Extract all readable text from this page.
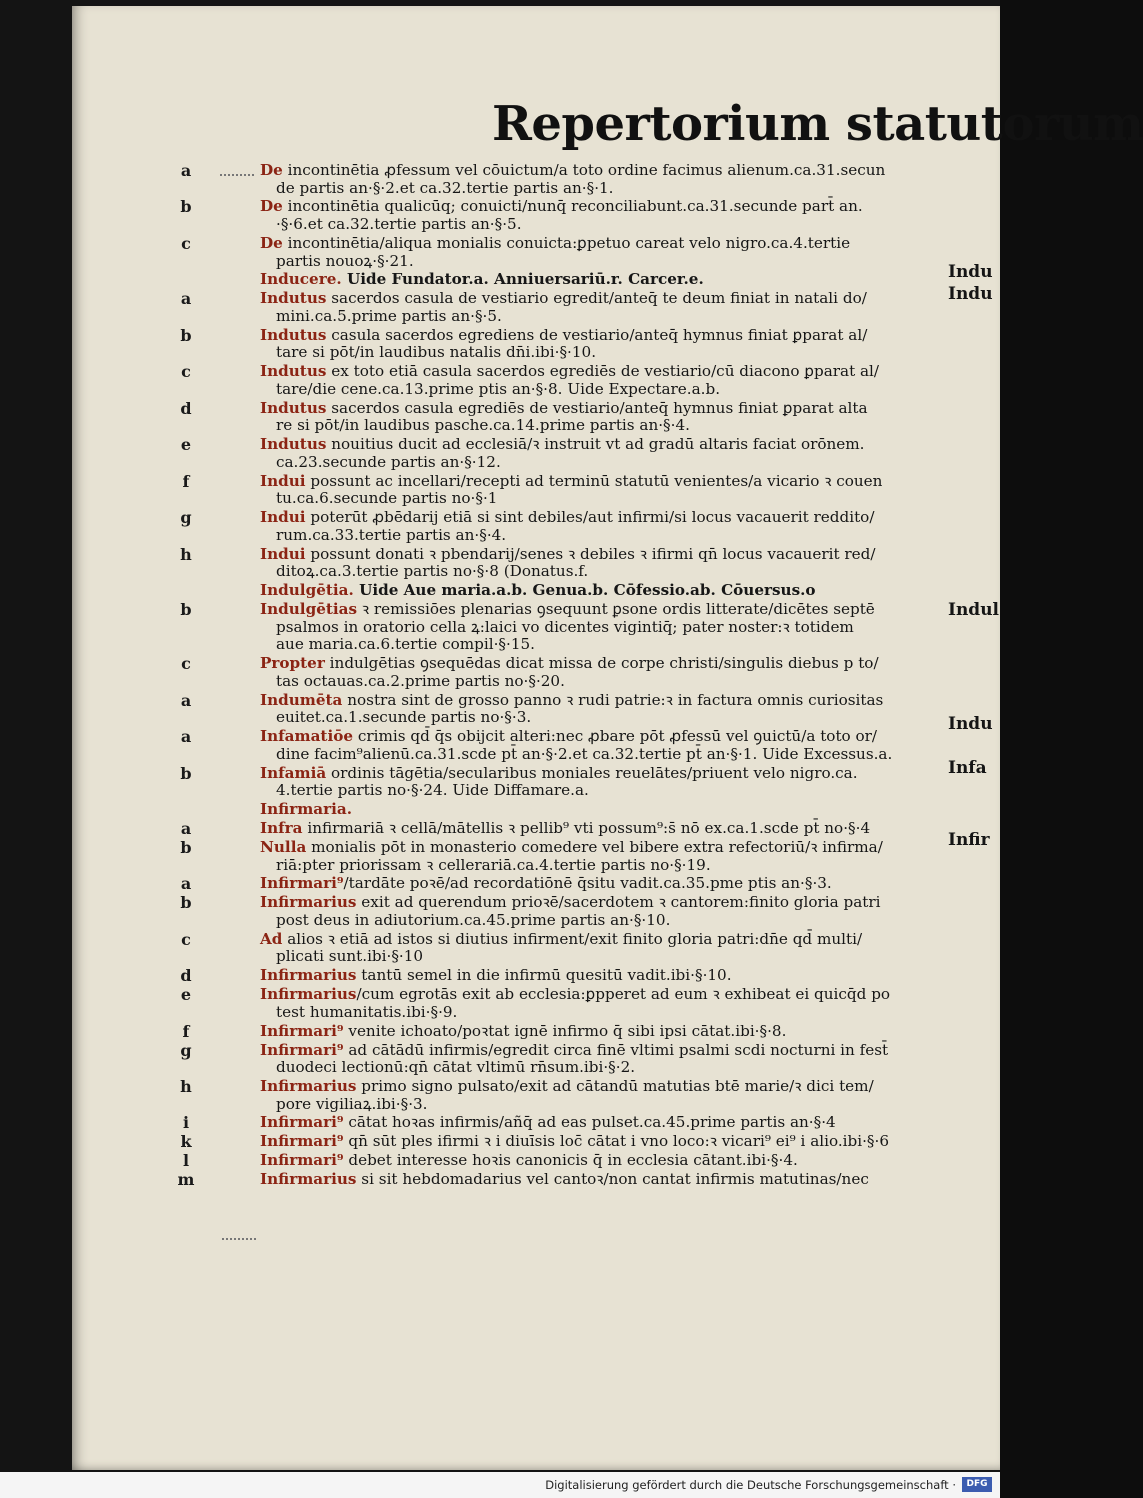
Repertorium statutorum
a	De incontinētia ꝓfessum vel cōuictum/a toto ordine facimus alienum.ca.31.secun
de partis an·§·2.et ca.32.tertie partis an·§·1.
b	De incontinētia qualicūq; conuicti/nunq̄ reconciliabunt.ca.31.secunde part̄ an.
·§·6.et ca.32.tertie partis an·§·5.
c	De incontinētia/aliqua monialis conuicta:ꝑpetuo careat velo nigro.ca.4.tertie
partis nouoꝝ·§·21.
Inducere. Uide Fundator.a. Anniuersariū.r. Carcer.e.
a	Indutus sacerdos casula de vestiario egredit/anteq̄ te deum finiat in natali do/
mini.ca.5.prime partis an·§·5.
b	Indutus casula sacerdos egrediens de vestiario/anteq̄ hymnus finiat ꝑparat al/
tare si pōt/in laudibus natalis dn̄i.ibi·§·10.
c	Indutus ex toto etiā casula sacerdos egrediēs de vestiario/cū diacono ꝑparat al/
tare/die cene.ca.13.prime ptis an·§·8. Uide Expectare.a.b.
d	Indutus sacerdos casula egrediēs de vestiario/anteq̄ hymnus finiat ꝑparat alta
re si pōt/in laudibus pasche.ca.14.prime partis an·§·4.
e	Indutus nouitius ducit ad ecclesiā/ꝛ instruit vt ad gradū altaris faciat orōnem.
ca.23.secunde partis an·§·12.
f	Indui possunt ac incellari/recepti ad terminū statutū venientes/a vicario ꝛ couen
tu.ca.6.secunde partis no·§·1
g	Indui poterūt ꝓbēdarij etiā si sint debiles/aut infirmi/si locus vacauerit reddito/
rum.ca.33.tertie partis an·§·4.
h	Indui possunt donati ꝛ pbendarij/senes ꝛ debiles ꝛ ifirmi qn̄ locus vacauerit red/
ditoꝝ.ca.3.tertie partis no·§·8 (Donatus.f.
Indulgētia. Uide Aue maria.a.b. Genua.b. Cōfessio.ab. Cōuersus.o
b	Indulgētias ꝛ remissiōes plenarias ꝯsequunt ꝑsone ordis litterate/dicētes septē
psalmos in oratorio cella ꝝ:laici vo dicentes vigintiq̄; pater noster:ꝛ totidem
aue maria.ca.6.tertie compil·§·15.
c	Propter indulgētias ꝯsequēdas dicat missa de corpe christi/singulis diebus p to/
tas octauas.ca.2.prime partis no·§·20.
a	Indumēta nostra sint de grosso panno ꝛ rudi patrie:ꝛ in factura omnis curiositas
euitet.ca.1.secunde partis no·§·3.
a	Infamatiōe crimis qd̄ q̄s obijcit alteri:nec ꝓbare pōt ꝓfessū vel ꝯuictū/a toto or/
dine facim⁹alienū.ca.31.scde pt̄ an·§·2.et ca.32.tertie pt̄ an·§·1. Uide Excessus.a.
b	Infamiā ordinis tāgētia/secularibus moniales reuelātes/priuent velo nigro.ca.
4.tertie partis no·§·24. Uide Diffamare.a.
Infirmaria.
a	Infra infirmariā ꝛ cellā/mātellis ꝛ pellib⁹ vti possum⁹:s̄ nō ex.ca.1.scde pt̄ no·§·4
b	Nulla monialis pōt in monasterio comedere vel bibere extra refectoriū/ꝛ infirma/
riā:pter priorissam ꝛ cellerariā.ca.4.tertie partis no·§·19.
a	Infirmari⁹/tardāte poꝛē/ad recordatiōnē q̄situ vadit.ca.35.pme ptis an·§·3.
b	Infirmarius exit ad querendum prioꝛē/sacerdotem ꝛ cantorem:finito gloria patri
post deus in adiutorium.ca.45.prime partis an·§·10.
c	Ad alios ꝛ etiā ad istos si diutius infirment/exit finito gloria patri:dn̄e qd̄ multi/
plicati sunt.ibi·§·10
d	Infirmarius tantū semel in die infirmū quesitū vadit.ibi·§·10.
e	Infirmarius/cum egrotās exit ab ecclesia:ꝑpperet ad eum ꝛ exhibeat ei quicq̄d po
test humanitatis.ibi·§·9.
f	Infirmari⁹ venite ichoato/poꝛtat ignē infirmo q̄ sibi ipsi cātat.ibi·§·8.
g	Infirmari⁹ ad cātādū infirmis/egredit circa finē vltimi psalmi scdi nocturni in fest̄
duodeci lectionū:qn̄ cātat vltimū rn̄sum.ibi·§·2.
h	Infirmarius primo signo pulsato/exit ad cātandū matutias btē marie/ꝛ dici tem/
pore vigiliaꝝ.ibi·§·3.
i	Infirmari⁹ cātat hoꝛas infirmis/añq̄ ad eas pulset.ca.45.prime partis an·§·4
k	Infirmari⁹ qn̄ sūt ples ifirmi ꝛ i diuīsis loc̄ cātat i vno loco:ꝛ vicari⁹ ei⁹ i alio.ibi·§·6
l	Infirmari⁹ debet interesse hoꝛis canonicis q̄ in ecclesia cātant.ibi·§·4.
m	Infirmarius si sit hebdomadarius vel cantoꝛ/non cantat infirmis matutinas/nec
Indu
Indu
Indul
Indu
Infa
Infir
Digitalisierung gefördert durch die Deutsche Forschungsgemeinschaft ·	DFG
